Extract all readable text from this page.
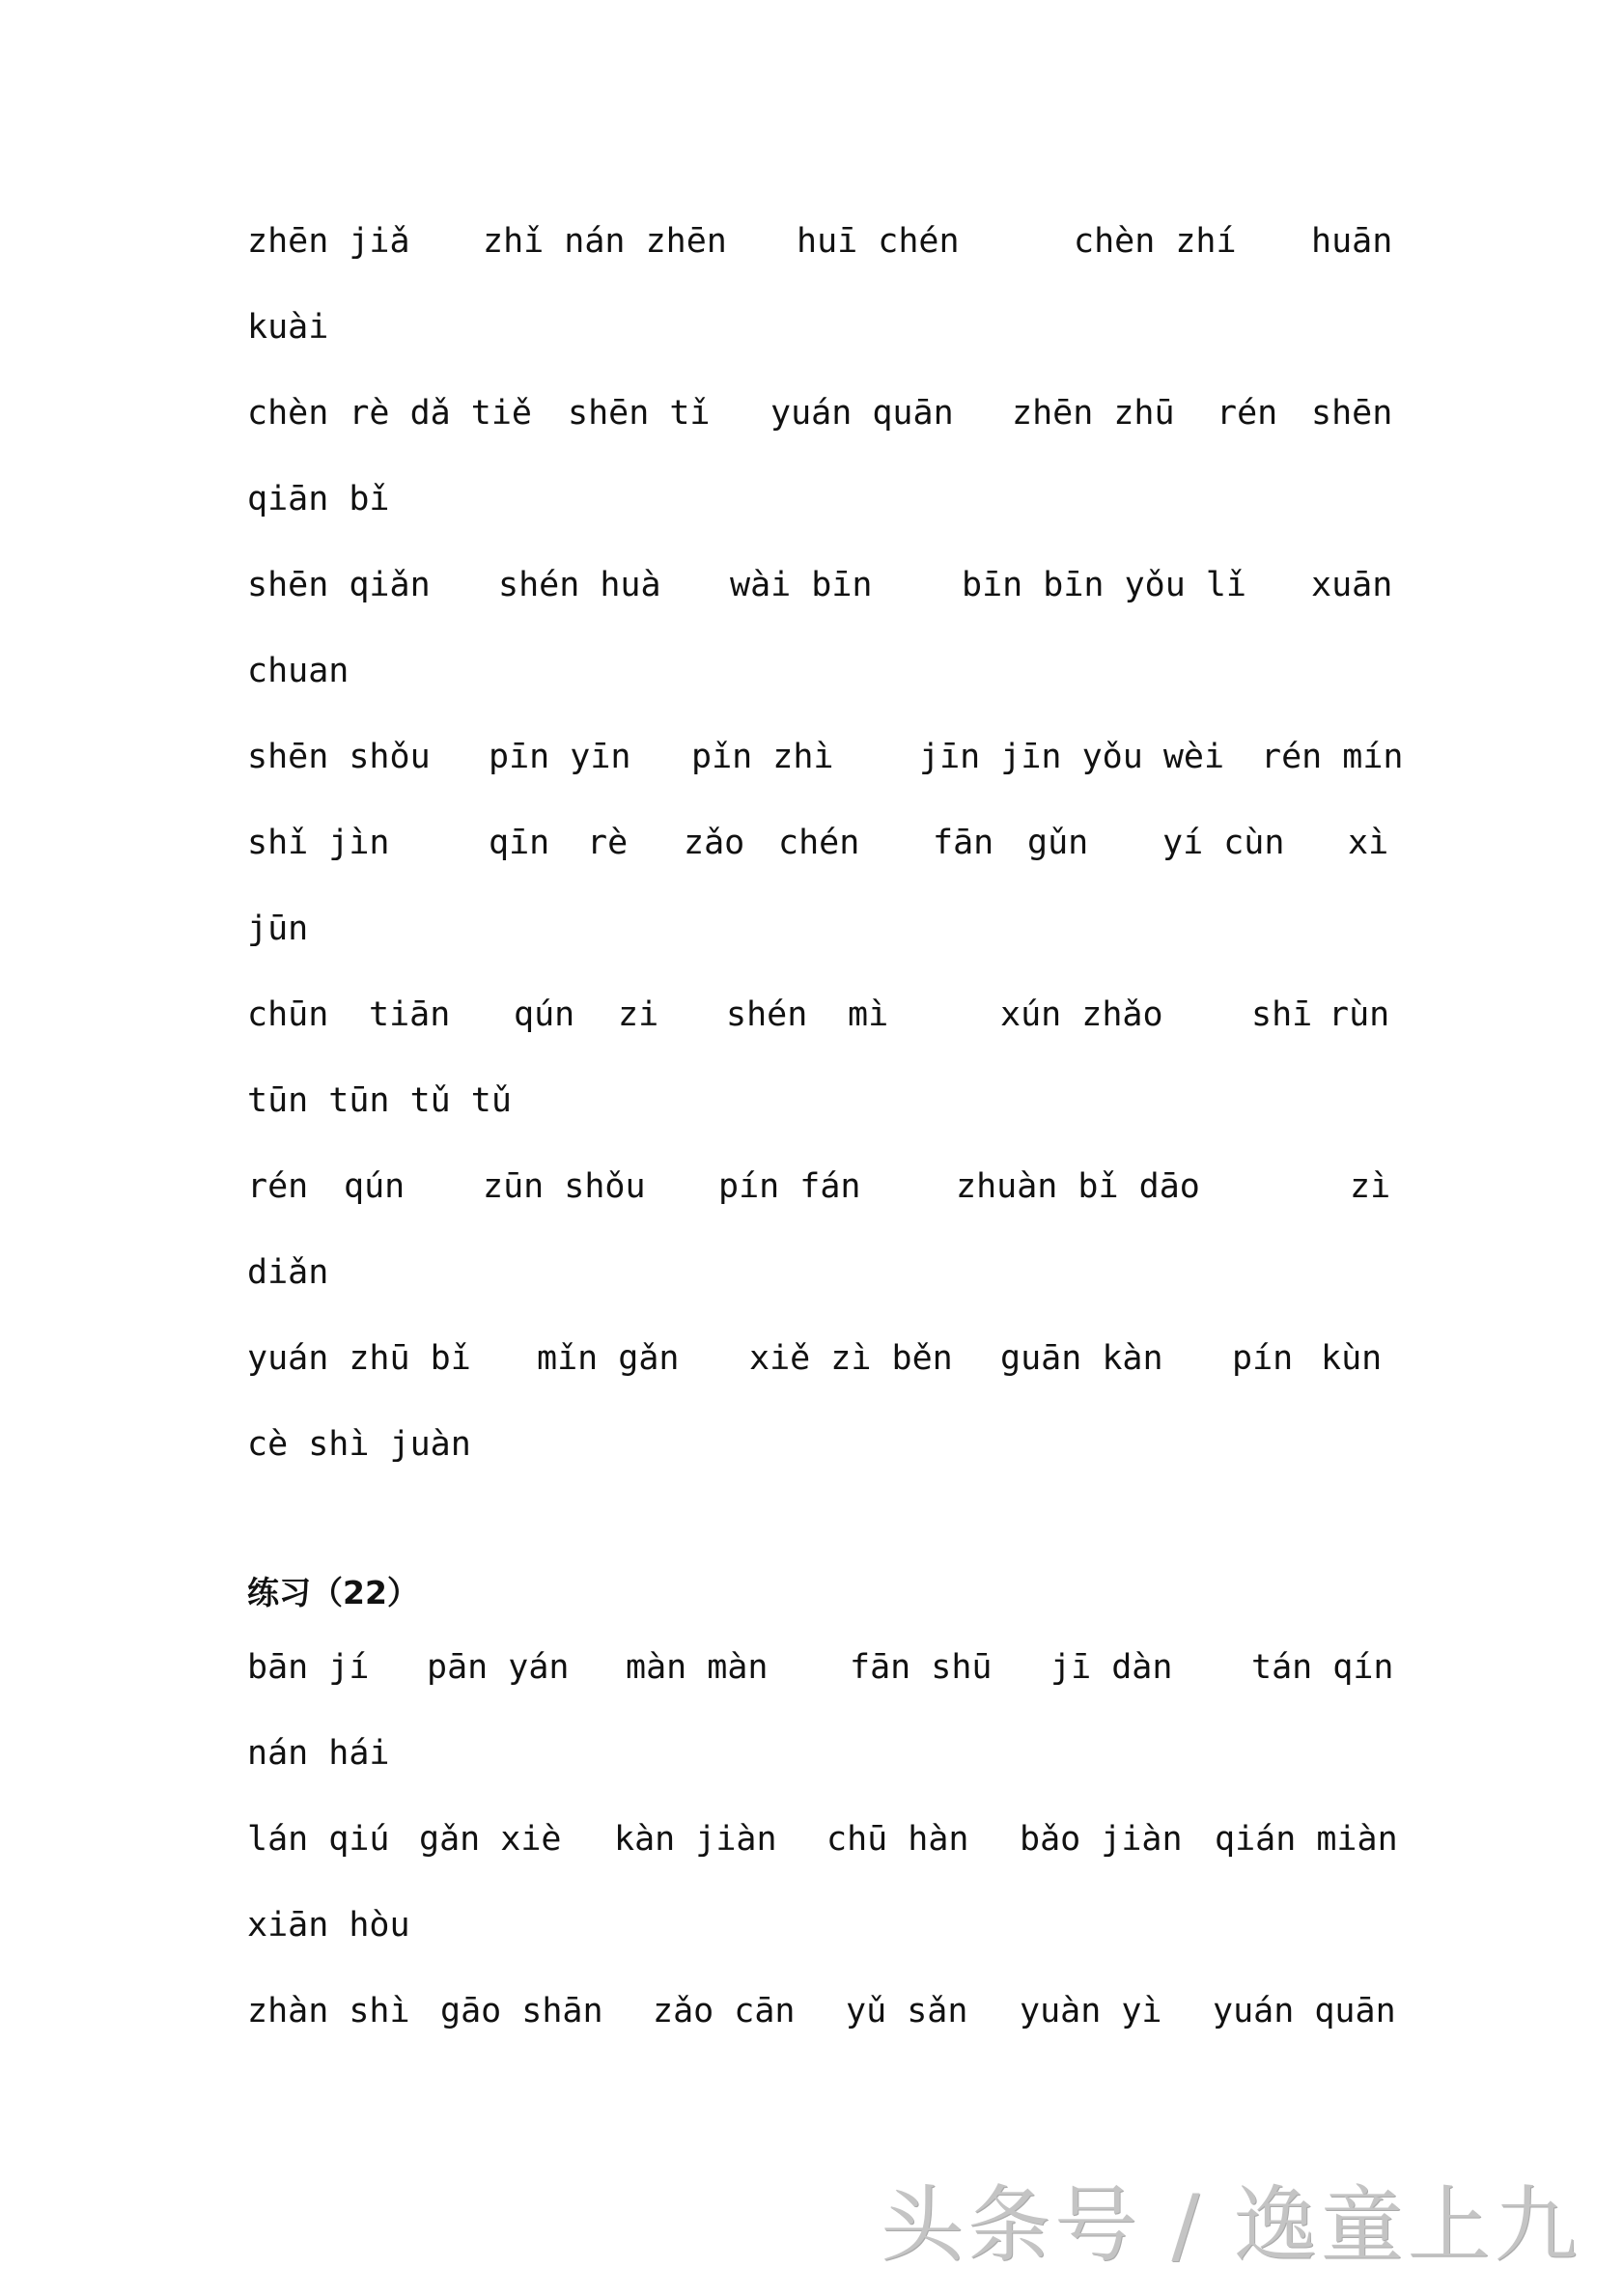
zhēn jiǎ zhǐ nán zhēn huī chén	chèn zhí huān
kuài
chèn rè dǎ tiě shēn tǐ yuán quān zhēn zhū rén shēn
qiān bǐ
shēn qiǎn shén huà wài bīn	bīn bīn yǒu lǐ xuān
chuan
shēn shǒu pīn yīn pǐn zhì	jīn jīn yǒu wèi rén mín
shǐ jìn	qīn rè zǎo chén fān gǔn yí cùn xì
jūn
chūn tiān qún zi shén mì	xún zhǎo	shī rùn
tūn tūn tǔ tǔ
rén qún zūn shǒu pín fán	zhuàn bǐ dāo	zì
diǎn
yuán zhū bǐ mǐn gǎn xiě zì běn guān kàn pín kùn
cè shì juàn
练习（22）
bān jí pān yán màn màn fān shū jī dàn tán qín
nán hái
lán qiú gǎn xiè kàn jiàn chū hàn bǎo jiàn qián miàn
xiān hòu
zhàn shì gāo shān zǎo cān yǔ sǎn yuàn yì yuán quān
头条号 / 逸童上九
